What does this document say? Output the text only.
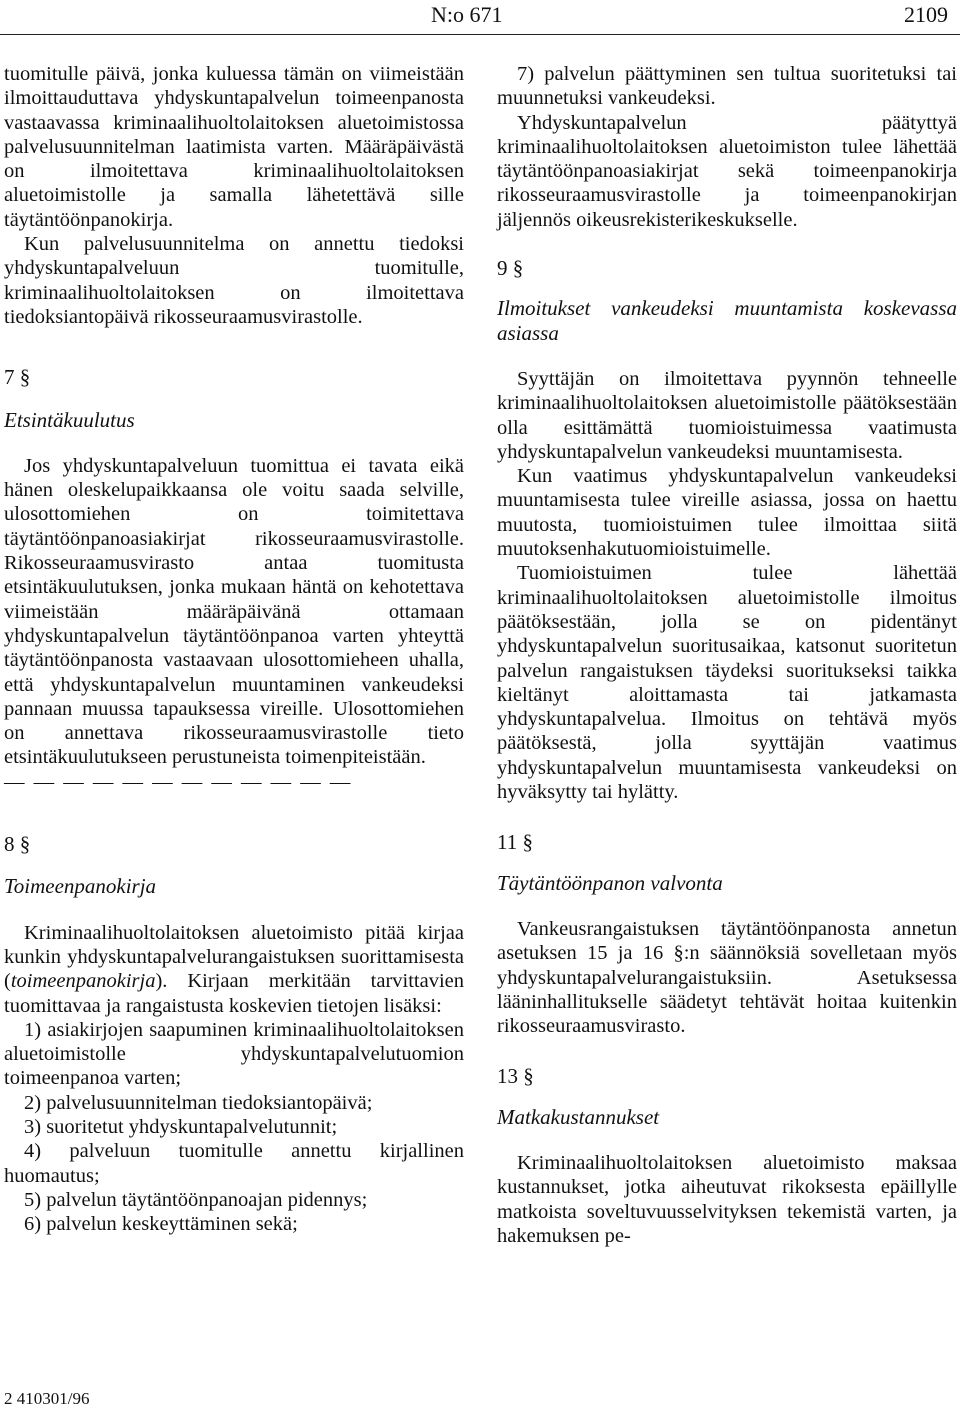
N:o 671	2109

tuomitulle päivä, jonka kuluessa tämän on viimeistään ilmoittauduttava yhdyskuntapalvelun toimeenpanosta vastaavassa kriminaalihuoltolaitoksen aluetoimistossa palvelusuunnitelman laatimista varten. Määräpäivästä on ilmoitettava kriminaalihuoltolaitoksen aluetoimistolle ja samalla lähetettävä sille täytäntöönpanokirja.

Kun palvelusuunnitelma on annettu tiedoksi yhdyskuntapalveluun tuomitulle, kriminaalihuoltolaitoksen on ilmoitettava tiedoksiantopäivä rikosseuraamusvirastolle.

7 §

Etsintäkuulutus

Jos yhdyskuntapalveluun tuomittua ei tavata eikä hänen oleskelupaikkaansa ole voitu saada selville, ulosottomiehen on toimitettava täytäntöönpanoasiakirjat rikosseuraamusvirastolle. Rikosseuraamusvirasto antaa tuomitusta etsintäkuulutuksen, jonka mukaan häntä on kehotettava viimeistään määräpäivänä ottamaan yhdyskuntapalvelun täytäntöönpanoa varten yhteyttä täytäntöönpanosta vastaavaan ulosottomieheen uhalla, että yhdyskuntapalvelun muuntaminen vankeudeksi pannaan muussa tapauksessa vireille. Ulosottomiehen on annettava rikosseuraamusvirastolle tieto etsintäkuulutukseen perustuneista toimenpiteistään.

— — — — — — — — — — — —

8 §

Toimeenpanokirja

Kriminaalihuoltolaitoksen aluetoimisto pitää kirjaa kunkin yhdyskuntapalvelurangaistuksen suorittamisesta (toimeenpanokirja). Kirjaan merkitään tarvittavien tuomittavaa ja rangaistusta koskevien tietojen lisäksi:

1) asiakirjojen saapuminen kriminaalihuoltolaitoksen aluetoimistolle yhdyskuntapalvelutuomion toimeenpanoa varten;

2) palvelusuunnitelman tiedoksiantopäivä;

3) suoritetut yhdyskuntapalvelutunnit;

4) palveluun tuomitulle annettu kirjallinen huomautus;

5) palvelun täytäntöönpanoajan pidennys;

6) palvelun keskeyttäminen sekä;

7) palvelun päättyminen sen tultua suoritetuksi tai muunnetuksi vankeudeksi.

Yhdyskuntapalvelun päätyttyä kriminaalihuoltolaitoksen aluetoimiston tulee lähettää täytäntöönpanoasiakirjat sekä toimeenpanokirja rikosseuraamusvirastolle ja toimeenpanokirjan jäljennös oikeusrekisterikeskukselle.

9 §

Ilmoitukset vankeudeksi muuntamista koskevassa asiassa

Syyttäjän on ilmoitettava pyynnön tehneelle kriminaalihuoltolaitoksen aluetoimistolle päätöksestään olla esittämättä tuomioistuimessa vaatimusta yhdyskuntapalvelun vankeudeksi muuntamisesta.

Kun vaatimus yhdyskuntapalvelun vankeudeksi muuntamisesta tulee vireille asiassa, jossa on haettu muutosta, tuomioistuimen tulee ilmoittaa siitä muutoksenhakutuomioistuimelle.

Tuomioistuimen tulee lähettää kriminaalihuoltolaitoksen aluetoimistolle ilmoitus päätöksestään, jolla se on pidentänyt yhdyskuntapalvelun suoritusaikaa, katsonut suoritetun palvelun rangaistuksen täydeksi suoritukseksi taikka kieltänyt aloittamasta tai jatkamasta yhdyskuntapalvelua. Ilmoitus on tehtävä myös päätöksestä, jolla syyttäjän vaatimus yhdyskuntapalvelun muuntamisesta vankeudeksi on hyväksytty tai hylätty.

11 §

Täytäntöönpanon valvonta

Vankeusrangaistuksen täytäntöönpanosta annetun asetuksen 15 ja 16 §:n säännöksiä sovelletaan myös yhdyskuntapalvelurangaistuksiin. Asetuksessa lääninhallitukselle säädetyt tehtävät hoitaa kuitenkin rikosseuraamusvirasto.

13 §

Matkakustannukset

Kriminaalihuoltolaitoksen aluetoimisto maksaa kustannukset, jotka aiheutuvat rikoksesta epäillylle matkoista soveltuvuusselvityksen tekemistä varten, ja hakemuksen pe-

2 410301/96
